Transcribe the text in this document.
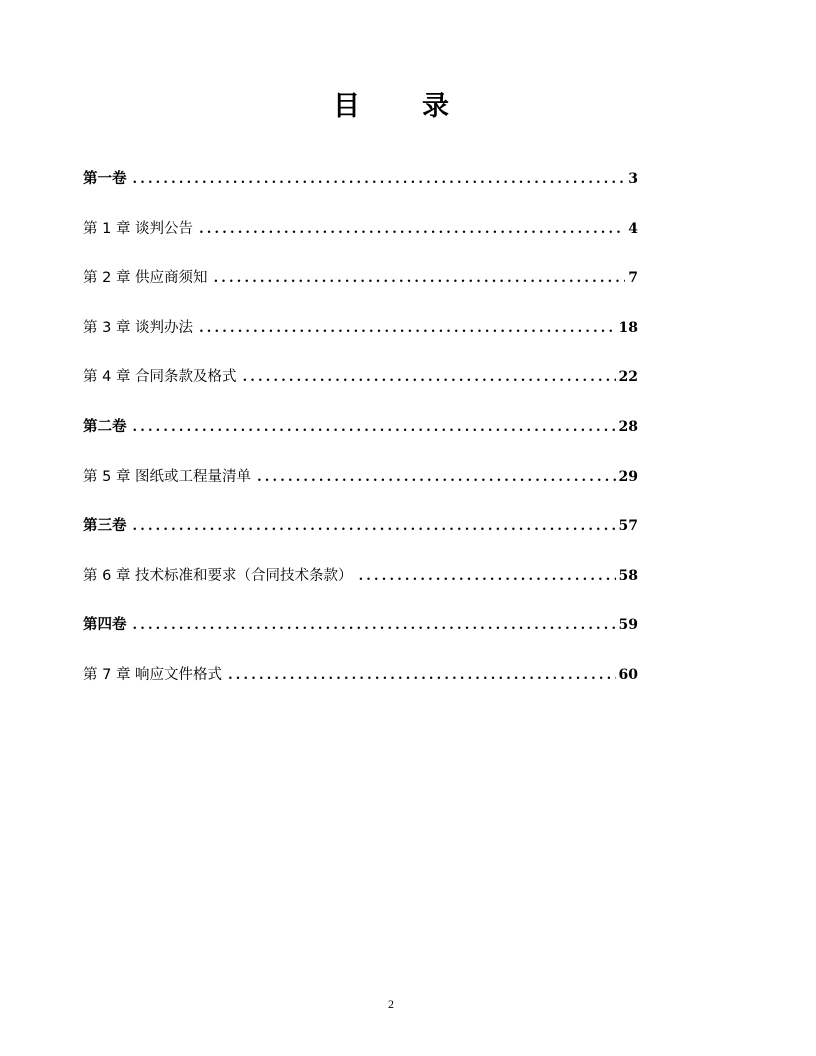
目 录
第一卷 .....	3
第 1 章 谈判公告 .....	4
第 2 章 供应商须知 .....	7
第 3 章 谈判办法 .....	18
第 4 章 合同条款及格式 .....	22
第二卷 .....	28
第 5 章 图纸或工程量清单 .....	29
第三卷 .....	57
第 6 章 技术标准和要求（合同技术条款） .....	58
第四卷 .....	59
第 7 章 响应文件格式 .....	60
2
